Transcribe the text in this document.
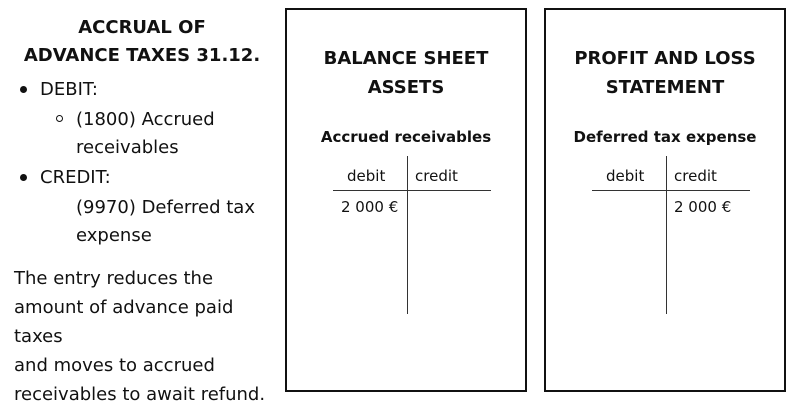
ACCRUAL OF
ADVANCE TAXES 31.12.
DEBIT:
(1800) Accrued
receivables
CREDIT:
(9970) Deferred tax
expense
The entry reduces the
amount of advance paid taxes
and moves to accrued
receivables to await refund.
BALANCE SHEET
ASSETS
Accrued receivables
debit credit
2 000 €
PROFIT AND LOSS
STATEMENT
Deferred tax expense
debit credit
2 000 €
